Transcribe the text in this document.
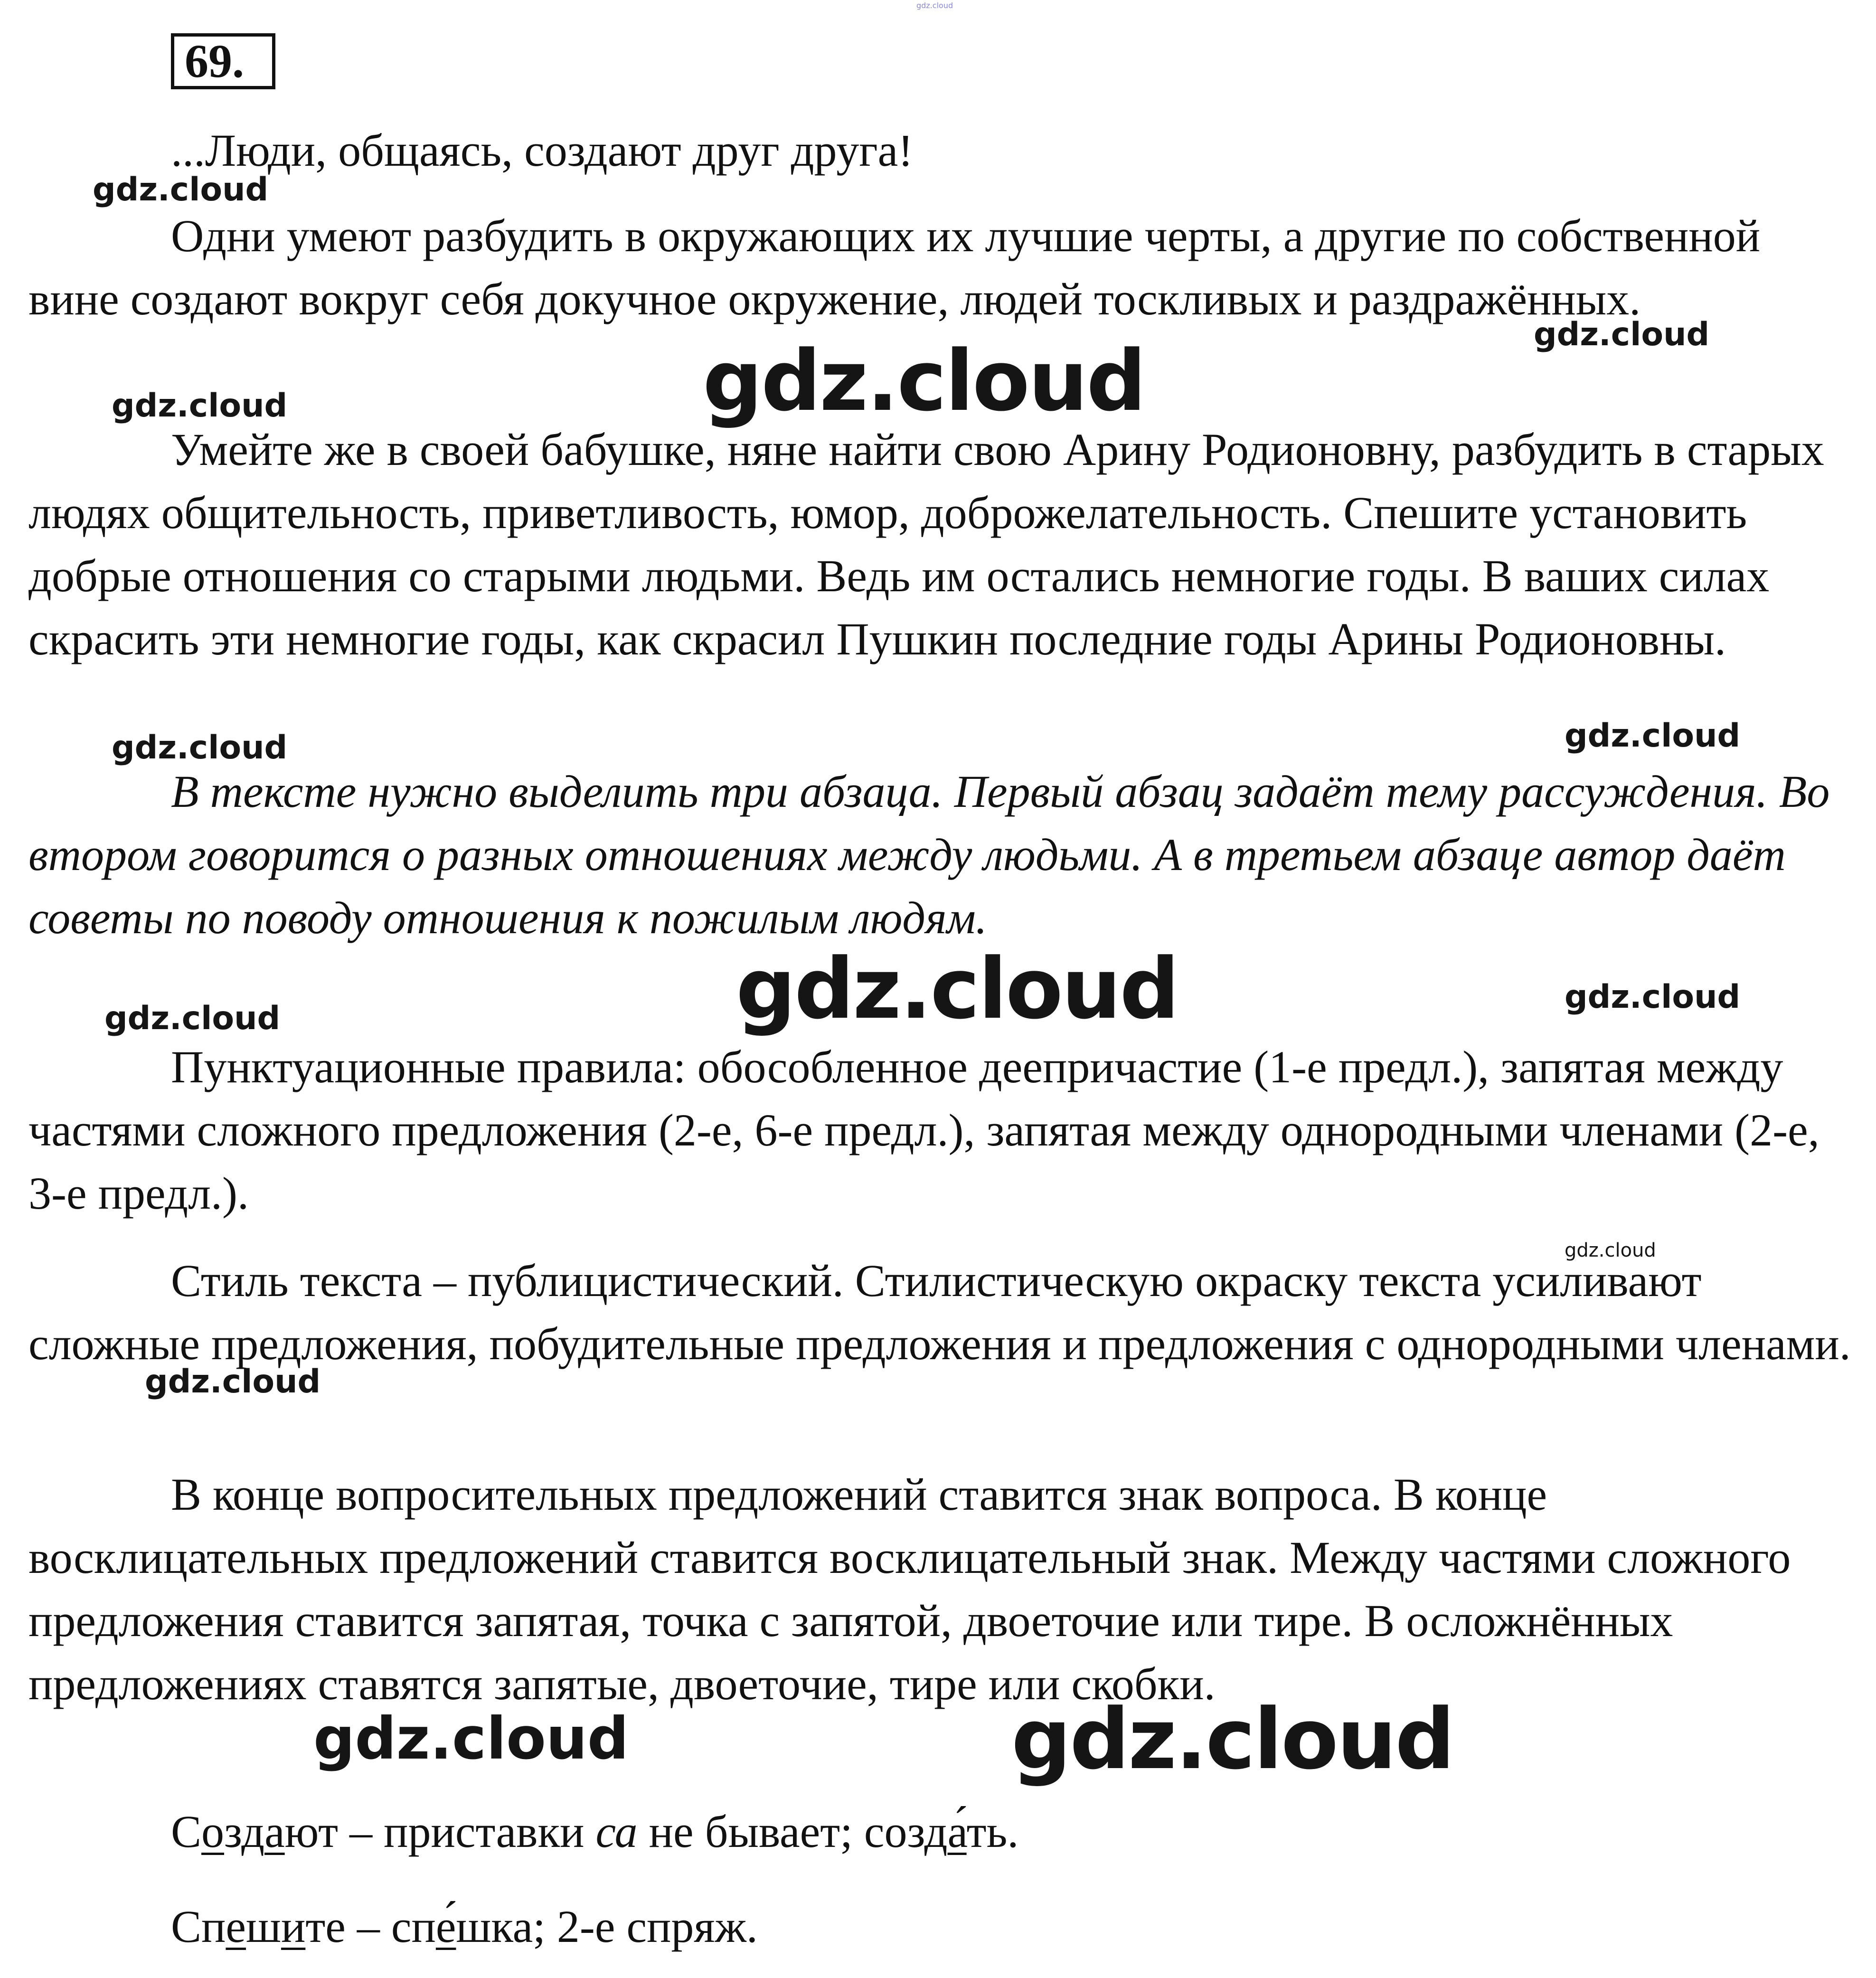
69.

...Люди, общаясь, создают друг друга!

Одни умеют разбудить в окружающих их лучшие черты, а другие по собственной вине создают вокруг себя докучное окружение, людей тоскливых и раздражённых.

Умейте же в своей бабушке, няне найти свою Арину Родионовну, разбудить в старых людях общительность, приветливость, юмор, доброжелательность. Спешите установить добрые отношения со старыми людьми. Ведь им остались немногие годы. В ваших силах скрасить эти немногие годы, как скрасил Пушкин последние годы Арины Родионовны.

В тексте нужно выделить три абзаца. Первый абзац задаёт тему рассуждения. Во втором говорится о разных отношениях между людьми. А в третьем абзаце автор даёт советы по поводу отношения к пожилым людям.

Пунктуационные правила: обособленное деепричастие (1-е предл.), запятая между частями сложного предложения (2-е, 6-е предл.), запятая между однородными членами (2-е, 3-е предл.).

Стиль текста – публицистический. Стилистическую окраску текста усиливают сложные предложения, побудительные предложения и предложения с однородными членами.

В конце вопросительных предложений ставится знак вопроса. В конце восклицательных предложений ставится восклицательный знак. Между частями сложного предложения ставится запятая, точка с запятой, двоеточие или тире. В осложнённых предложениях ставятся запятые, двоеточие, тире или скобки.

Создают – приставки са не бывает; созда́ть.

Спешите – спе́шка; 2-е спряж.

gdz.cloud
gdz.cloud
gdz.cloud
gdz.cloud
gdz.cloud
gdz.cloud
gdz.cloud
gdz.cloud	gdz.cloud
gdz.cloud
gdz.cloud
gdz.cloud
gdz.cloud
gdz.cloud
